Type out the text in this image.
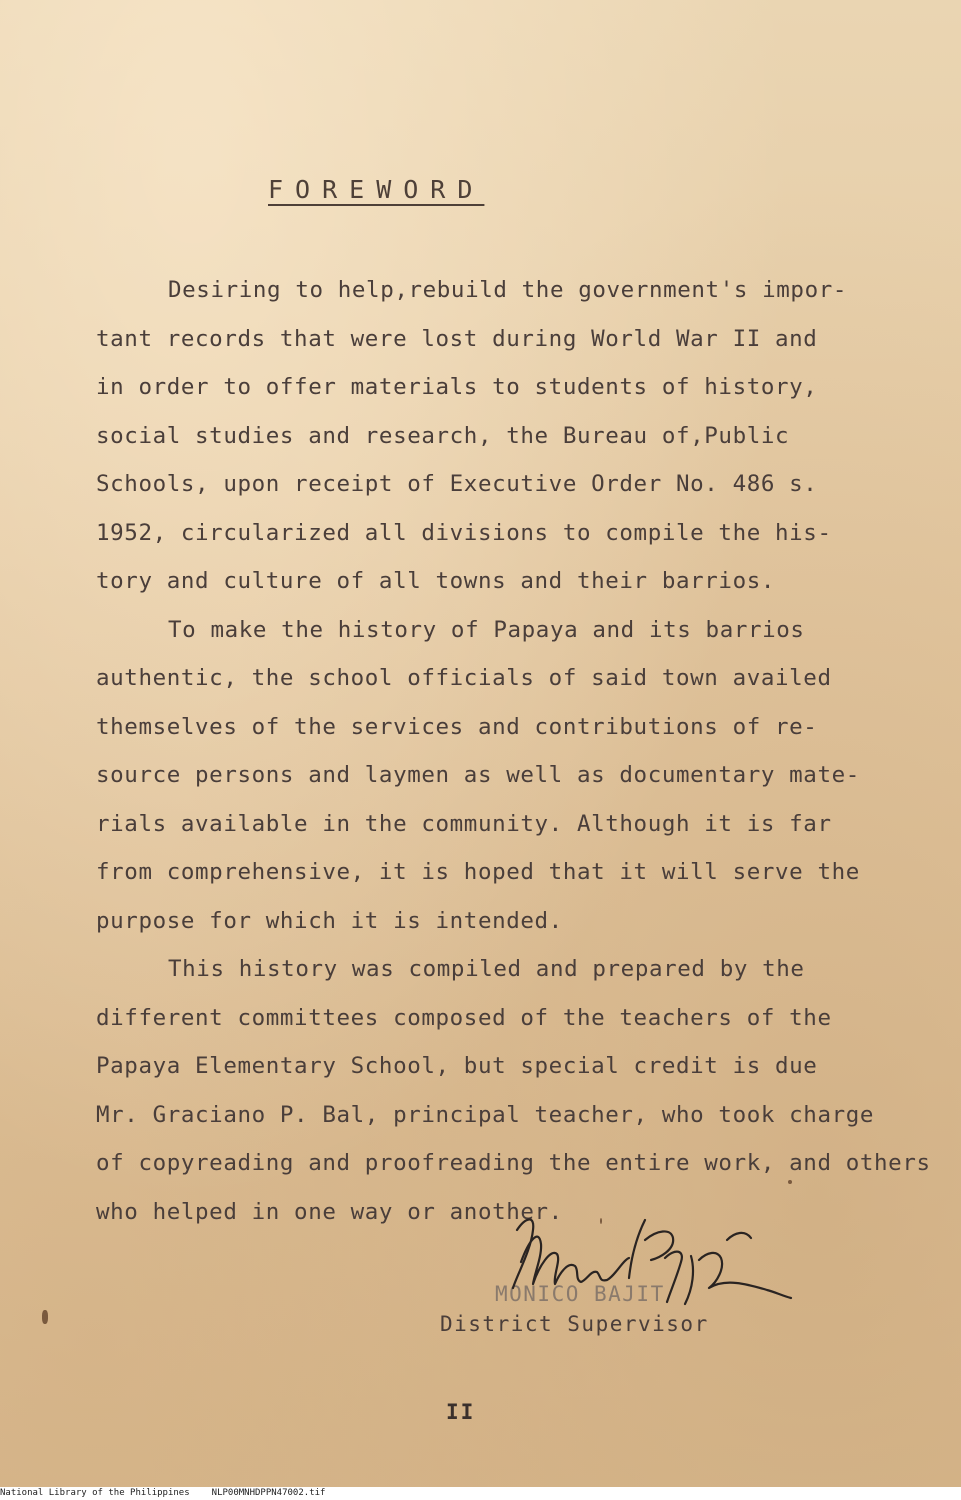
FOREWORD
Desiring to help,rebuild the government's impor-
tant records that were lost during World War II and
in order to offer materials to students of history,
social studies and research, the Bureau of,Public
Schools, upon receipt of Executive Order No. 486 s.
1952, circularized all divisions to compile the his-
tory and culture of all towns and their barrios.
To make the history of Papaya and its barrios
authentic, the school officials of said town availed
themselves of the services and contributions of re-
source persons and laymen as well as documentary mate-
rials available in the community. Although it is far
from comprehensive, it is hoped that it will serve the
purpose for which it is intended.
This history was compiled and prepared by the
different committees composed of the teachers of the
Papaya Elementary School, but special credit is due
Mr. Graciano P. Bal, principal teacher, who took charge
of copyreading and proofreading the entire work, and others
who helped in one way or another.
MONICO BAJIT
District Supervisor
II
National Library of the Philippines NLP00MNHDPPN47002.tif
